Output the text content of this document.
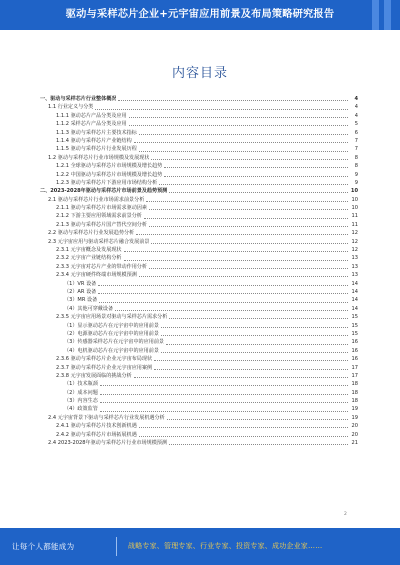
驱动与采样芯片企业+元宇宙应用前景及布局策略研究报告
内容目录
一、驱动与采样芯片行业整体概况	4
1.1 行业定义与分类	4
1.1.1 驱动芯片产品分类及应用	4
1.1.2 采样芯片产品分类及应用	5
1.1.3 驱动与采样芯片主要技术指标	6
1.1.4 驱动与采样芯片产业链结构	7
1.1.5 驱动与采样芯片行业发展历程	7
1.2 驱动与采样芯片行业市场规模及发展现状	8
1.2.1 全球驱动与采样芯片市场规模及增长趋势	8
1.2.2 中国驱动与采样芯片市场规模及增长趋势	9
1.2.3 驱动与采样芯片下游应用市场结构分析	9
二、2023-2028年驱动与采样芯片市场前景及趋势预测	10
2.1 驱动与采样芯片行业市场需求前景分析	10
2.1.1 驱动与采样芯片市场需求驱动因素	10
2.1.2 下游主要应用领域需求前景分析	11
2.1.3 驱动与采样芯片国产替代空间分析	11
2.2 驱动与采样芯片行业发展趋势分析	12
2.3 元宇宙应用与驱动采样芯片融合发展前景	12
2.3.1 元宇宙概念及发展现状	12
2.3.2 元宇宙产业链结构分析	13
2.3.3 元宇宙对芯片产业的带动作用分析	13
2.3.4 元宇宙硬件终端市场规模预测	13
（1）VR 设备	14
（2）AR 设备	14
（3）MR 设备	14
（4）其他可穿戴设备	14
2.3.5 元宇宙应用场景对驱动与采样芯片需求分析	15
（1）显示驱动芯片在元宇宙中的应用前景	15
（2）电源驱动芯片在元宇宙中的应用前景	15
（3）传感器采样芯片在元宇宙中的应用前景	16
（4）电机驱动芯片在元宇宙中的应用前景	16
2.3.6 驱动与采样芯片企业元宇宙布局现状	16
2.3.7 驱动与采样芯片企业元宇宙应用案例	17
2.3.8 元宇宙发展面临的挑战分析	17
（1）技术瓶颈	18
（2）成本问题	18
（3）内容生态	18
（4）政策监管	19
2.4 元宇宙背景下驱动与采样芯片行业发展机遇分析	19
2.4.1 驱动与采样芯片技术创新机遇	20
2.4.2 驱动与采样芯片市场拓展机遇	20
2.4 2023-2028年驱动与采样芯片行业市场规模预测	21
2
让每个人都能成为	战略专家、管理专家、行业专家、投资专家、成功企业家……
